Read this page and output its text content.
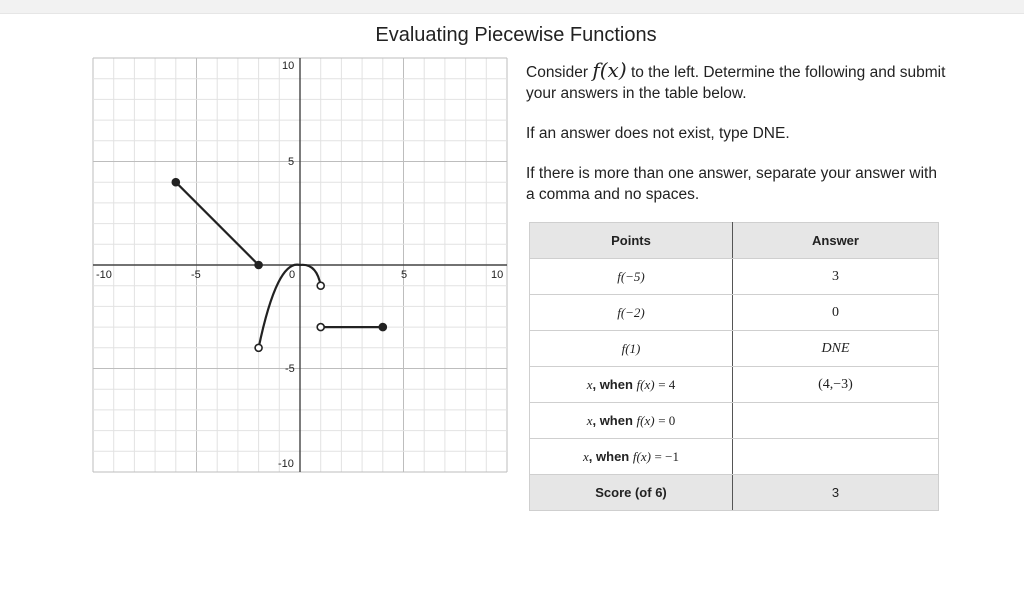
Evaluating Piecewise Functions
-10	-5	0	5	10
10
5
-5
-10

Consider f(x) to the left. Determine the following and submit your answers in the table below.

If an answer does not exist, type DNE.

If there is more than one answer, separate your answer with a comma and no spaces.

Points	Answer
f(−5)	3
f(−2)	0
f(1)	DNE
x, when f(x) = 4	(4,−3)
x, when f(x) = 0	
x, when f(x) = −1	
Score (of 6)	3
